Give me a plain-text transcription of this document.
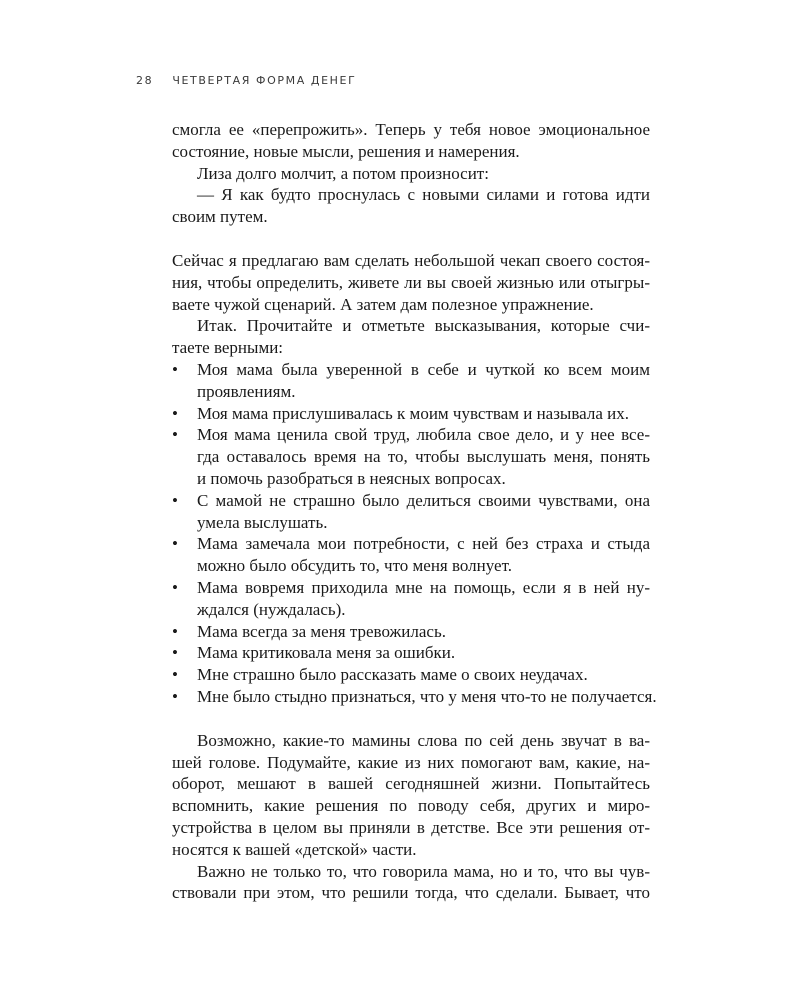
28 ЧЕТВЕРТАЯ ФОРМА ДЕНЕГ

смогла ее «перепрожить». Теперь у тебя новое эмоциональное
состояние, новые мысли, решения и намерения.

Лиза долго молчит, а потом произносит:

— Я как будто проснулась с новыми силами и готова идти
своим путем.

Сейчас я предлагаю вам сделать небольшой чекап своего состоя-
ния, чтобы определить, живете ли вы своей жизнью или отыгры-
ваете чужой сценарий. А затем дам полезное упражнение.

Итак. Прочитайте и отметьте высказывания, которые счи-
таете верными:

• Моя мама была уверенной в себе и чуткой ко всем моим
проявлениям.
• Моя мама прислушивалась к моим чувствам и называла их.
• Моя мама ценила свой труд, любила свое дело, и у нее все-
гда оставалось время на то, чтобы выслушать меня, понять
и помочь разобраться в неясных вопросах.
• С мамой не страшно было делиться своими чувствами, она
умела выслушать.
• Мама замечала мои потребности, с ней без страха и стыда
можно было обсудить то, что меня волнует.
• Мама вовремя приходила мне на помощь, если я в ней ну-
ждался (нуждалась).
• Мама всегда за меня тревожилась.
• Мама критиковала меня за ошибки.
• Мне страшно было рассказать маме о своих неудачах.
• Мне было стыдно признаться, что у меня что-то не получается.

Возможно, какие-то мамины слова по сей день звучат в ва-
шей голове. Подумайте, какие из них помогают вам, какие, на-
оборот, мешают в вашей сегодняшней жизни. Попытайтесь
вспомнить, какие решения по поводу себя, других и миро-
устройства в целом вы приняли в детстве. Все эти решения от-
носятся к вашей «детской» части.

Важно не только то, что говорила мама, но и то, что вы чув-
ствовали при этом, что решили тогда, что сделали. Бывает, что
